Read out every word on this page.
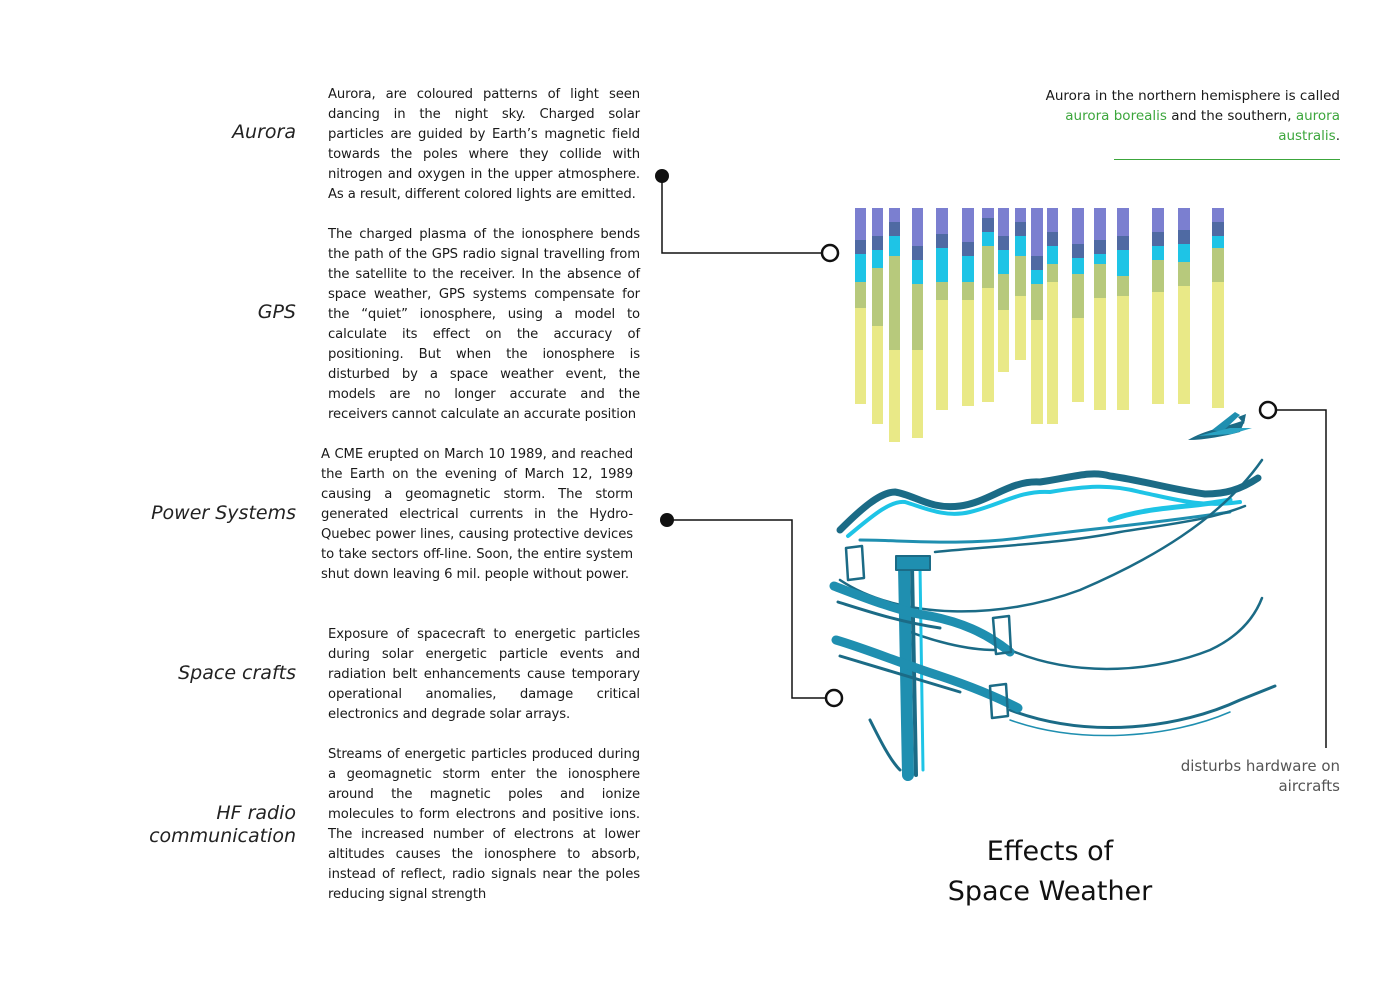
Aurora
GPS
Power Systems
Space crafts
HF radio
communication

Aurora, are coloured patterns of light seen dancing in the night sky. Charged solar particles are guided by Earth’s magnetic field towards the poles where they collide with nitrogen and oxygen in the upper atmosphere. As a result, different colored lights are emitted.

The charged plasma of the ionosphere bends the path of the GPS radio signal travelling from the satellite to the receiver. In the absence of space weather, GPS systems compensate for the “quiet” ionosphere, using a model to calculate its effect on the accuracy of positioning. But when the ionosphere is disturbed by a space weather event, the models are no longer accurate and the receivers cannot calculate an accurate position

A CME erupted on March 10 1989, and reached the Earth on the evening of March 12, 1989 causing a geomagnetic storm. The storm generated electrical currents in the Hydro-Quebec power lines, causing protective devices to take sectors off-line. Soon, the entire system shut down leaving 6 mil. people without power.

Exposure of spacecraft to energetic particles during solar energetic particle events and radiation belt enhancements cause temporary operational anomalies, damage critical electronics and degrade solar arrays.

Streams of energetic particles produced during a geomagnetic storm enter the ionosphere around the magnetic poles and ionize molecules to form electrons and positive ions. The increased number of electrons at lower altitudes causes the ionosphere to absorb, instead of reflect, radio signals near the poles reducing signal strength

Aurora in the northern hemisphere is called aurora borealis and the southern, aurora australis.

disturbs hardware on aircrafts

Effects of
Space Weather
